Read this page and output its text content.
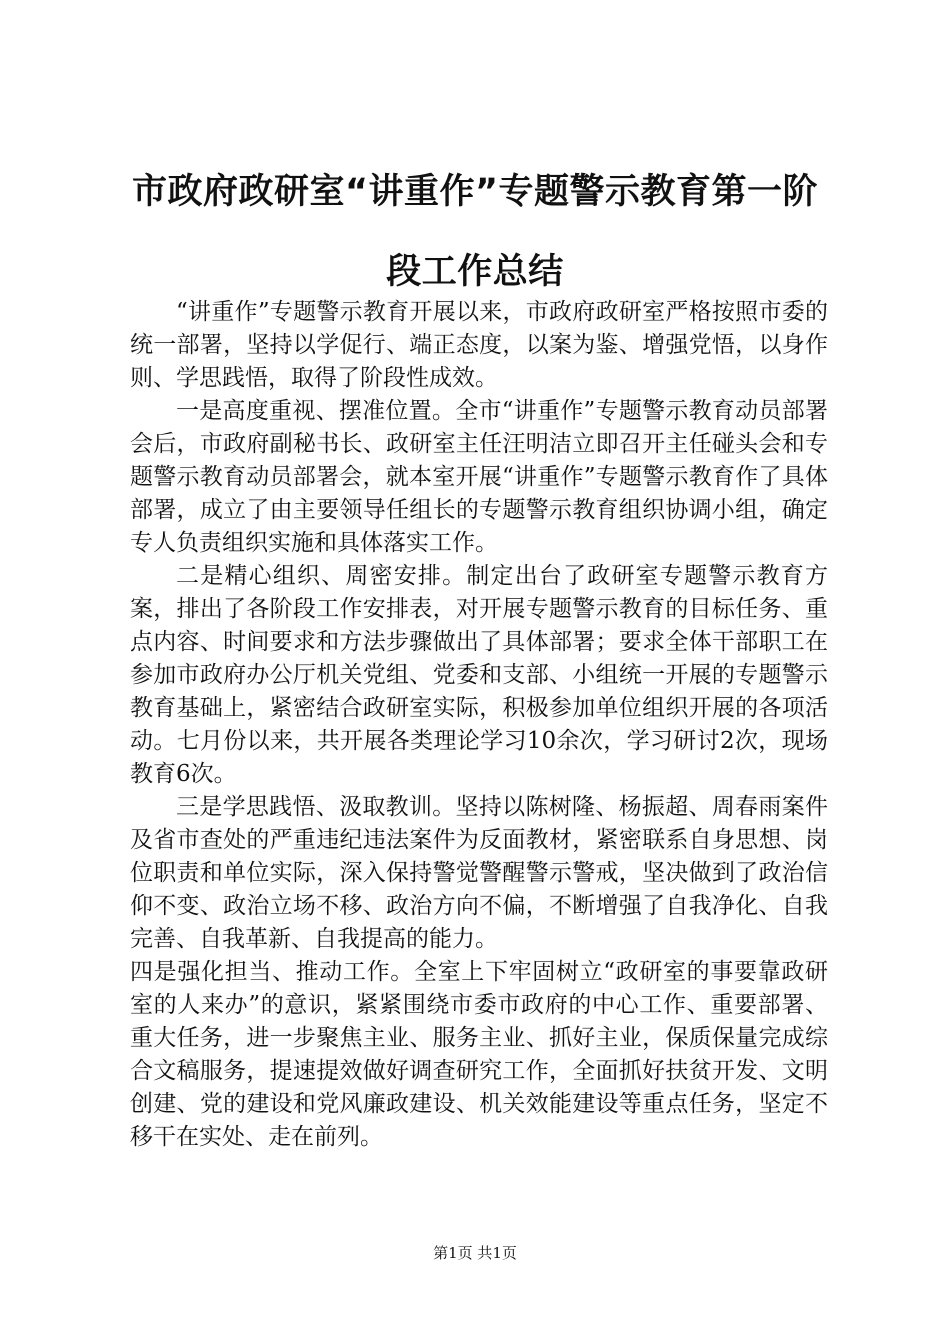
市政府政研室“讲重作”专题警示教育第一阶
段工作总结

“讲重作”专题警示教育开展以来，市政府政研室严格按照市委的统一部署，坚持以学促行、端正态度，以案为鉴、增强党悟，以身作则、学思践悟，取得了阶段性成效。

一是高度重视、摆准位置。全市“讲重作”专题警示教育动员部署会后，市政府副秘书长、政研室主任汪明洁立即召开主任碰头会和专题警示教育动员部署会，就本室开展“讲重作”专题警示教育作了具体部署，成立了由主要领导任组长的专题警示教育组织协调小组，确定专人负责组织实施和具体落实工作。

二是精心组织、周密安排。制定出台了政研室专题警示教育方案，排出了各阶段工作安排表，对开展专题警示教育的目标任务、重点内容、时间要求和方法步骤做出了具体部署；要求全体干部职工在参加市政府办公厅机关党组、党委和支部、小组统一开展的专题警示教育基础上，紧密结合政研室实际，积极参加单位组织开展的各项活动。七月份以来，共开展各类理论学习10余次，学习研讨2次，现场教育6次。

三是学思践悟、汲取教训。坚持以陈树隆、杨振超、周春雨案件及省市查处的严重违纪违法案件为反面教材，紧密联系自身思想、岗位职责和单位实际，深入保持警觉警醒警示警戒，坚决做到了政治信仰不变、政治立场不移、政治方向不偏，不断增强了自我净化、自我完善、自我革新、自我提高的能力。

四是强化担当、推动工作。全室上下牢固树立“政研室的事要靠政研室的人来办”的意识，紧紧围绕市委市政府的中心工作、重要部署、重大任务，进一步聚焦主业、服务主业、抓好主业，保质保量完成综合文稿服务，提速提效做好调查研究工作，全面抓好扶贫开发、文明创建、党的建设和党风廉政建设、机关效能建设等重点任务，坚定不移干在实处、走在前列。

第1页 共1页
